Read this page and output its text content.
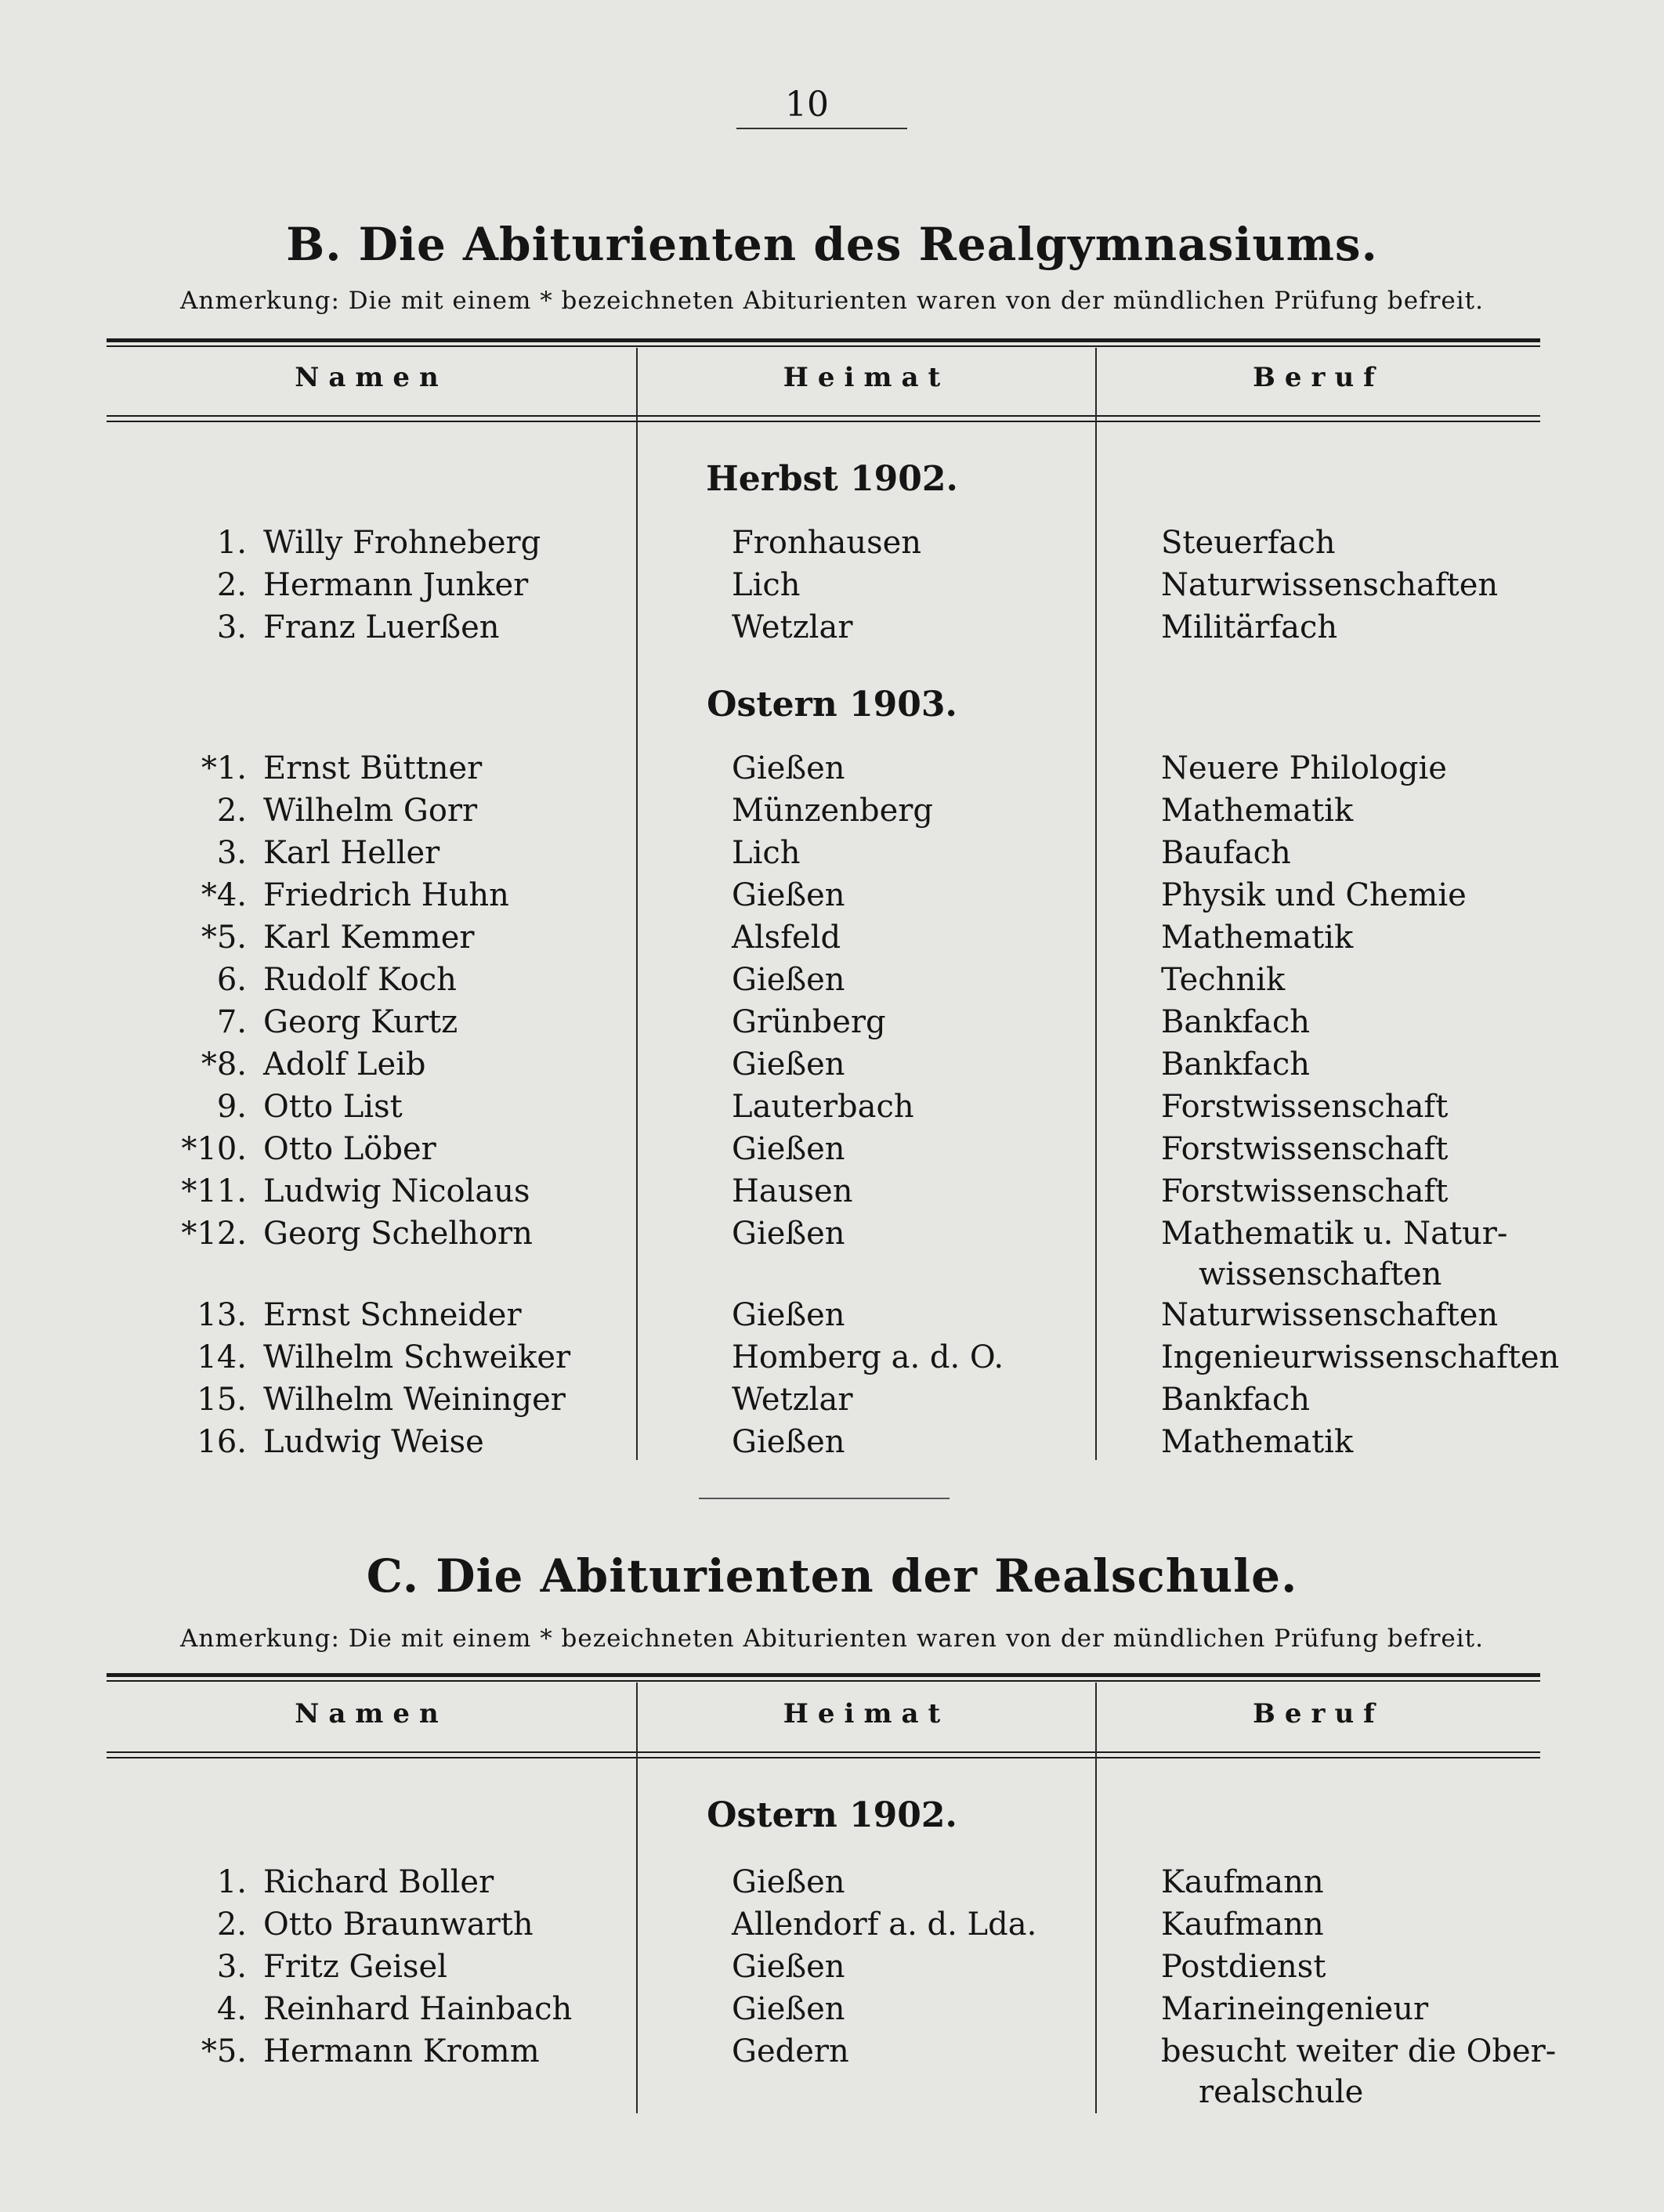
10
B. Die Abiturienten des Realgymnasiums.
Anmerkung: Die mit einem * bezeichneten Abiturienten waren von der mündlichen Prüfung befreit.
Namen	Heimat	Beruf
Herbst 1902.
1. Willy Frohneberg	Fronhausen	Steuerfach
2. Hermann Junker	Lich	Naturwissenschaften
3. Franz Luerßen	Wetzlar	Militärfach
Ostern 1903.
*1. Ernst Büttner	Gießen	Neuere Philologie
2. Wilhelm Gorr	Münzenberg	Mathematik
3. Karl Heller	Lich	Baufach
*4. Friedrich Huhn	Gießen	Physik und Chemie
*5. Karl Kemmer	Alsfeld	Mathematik
6. Rudolf Koch	Gießen	Technik
7. Georg Kurtz	Grünberg	Bankfach
*8. Adolf Leib	Gießen	Bankfach
9. Otto List	Lauterbach	Forstwissenschaft
*10. Otto Löber	Gießen	Forstwissenschaft
*11. Ludwig Nicolaus	Hausen	Forstwissenschaft
*12. Georg Schelhorn	Gießen	Mathematik u. Natur-
wissenschaften
13. Ernst Schneider	Gießen	Naturwissenschaften
14. Wilhelm Schweiker	Homberg a. d. O.	Ingenieurwissenschaften
15. Wilhelm Weininger	Wetzlar	Bankfach
16. Ludwig Weise	Gießen	Mathematik
C. Die Abiturienten der Realschule.
Anmerkung: Die mit einem * bezeichneten Abiturienten waren von der mündlichen Prüfung befreit.
Namen	Heimat	Beruf
Ostern 1902.
1. Richard Boller	Gießen	Kaufmann
2. Otto Braunwarth	Allendorf a. d. Lda.	Kaufmann
3. Fritz Geisel	Gießen	Postdienst
4. Reinhard Hainbach	Gießen	Marineingenieur
*5. Hermann Kromm	Gedern	besucht weiter die Ober-
realschule
